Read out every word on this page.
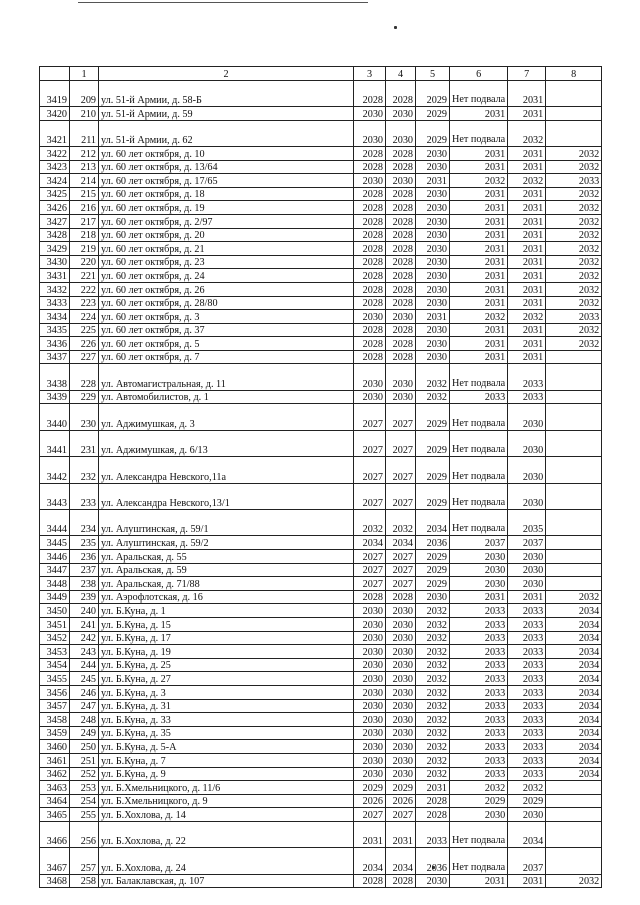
	1	2	3	4	5	6	7	8
3419	209	ул. 51-й Армии, д. 58-Б	2028	2028	2029	Нет подвала	2031	
3420	210	ул. 51-й Армии, д. 59	2030	2030	2029	2031	2031	
3421	211	ул. 51-й Армии, д. 62	2030	2030	2029	Нет подвала	2032	
3422	212	ул. 60 лет октября, д. 10	2028	2028	2030	2031	2031	2032
3423	213	ул. 60 лет октября, д. 13/64	2028	2028	2030	2031	2031	2032
3424	214	ул. 60 лет октября, д. 17/65	2030	2030	2031	2032	2032	2033
3425	215	ул. 60 лет октября, д. 18	2028	2028	2030	2031	2031	2032
3426	216	ул. 60 лет октября, д. 19	2028	2028	2030	2031	2031	2032
3427	217	ул. 60 лет октября, д. 2/97	2028	2028	2030	2031	2031	2032
3428	218	ул. 60 лет октября, д. 20	2028	2028	2030	2031	2031	2032
3429	219	ул. 60 лет октября, д. 21	2028	2028	2030	2031	2031	2032
3430	220	ул. 60 лет октября, д. 23	2028	2028	2030	2031	2031	2032
3431	221	ул. 60 лет октября, д. 24	2028	2028	2030	2031	2031	2032
3432	222	ул. 60 лет октября, д. 26	2028	2028	2030	2031	2031	2032
3433	223	ул. 60 лет октября, д. 28/80	2028	2028	2030	2031	2031	2032
3434	224	ул. 60 лет октября, д. 3	2030	2030	2031	2032	2032	2033
3435	225	ул. 60 лет октября, д. 37	2028	2028	2030	2031	2031	2032
3436	226	ул. 60 лет октября, д. 5	2028	2028	2030	2031	2031	2032
3437	227	ул. 60 лет октября, д. 7	2028	2028	2030	2031	2031	
3438	228	ул. Автомагистральная, д. 11	2030	2030	2032	Нет подвала	2033	
3439	229	ул. Автомобилистов, д. 1	2030	2030	2032	2033	2033	
3440	230	ул. Аджимушкая, д. 3	2027	2027	2029	Нет подвала	2030	
3441	231	ул. Аджимушкая, д. 6/13	2027	2027	2029	Нет подвала	2030	
3442	232	ул. Александра Невского,11а	2027	2027	2029	Нет подвала	2030	
3443	233	ул. Александра Невского,13/1	2027	2027	2029	Нет подвала	2030	
3444	234	ул. Алуштинская, д. 59/1	2032	2032	2034	Нет подвала	2035	
3445	235	ул. Алуштинская, д. 59/2	2034	2034	2036	2037	2037	
3446	236	ул. Аральская, д. 55	2027	2027	2029	2030	2030	
3447	237	ул. Аральская, д. 59	2027	2027	2029	2030	2030	
3448	238	ул. Аральская, д. 71/88	2027	2027	2029	2030	2030	
3449	239	ул. Аэрофлотская, д. 16	2028	2028	2030	2031	2031	2032
3450	240	ул. Б.Куна, д. 1	2030	2030	2032	2033	2033	2034
3451	241	ул. Б.Куна, д. 15	2030	2030	2032	2033	2033	2034
3452	242	ул. Б.Куна, д. 17	2030	2030	2032	2033	2033	2034
3453	243	ул. Б.Куна, д. 19	2030	2030	2032	2033	2033	2034
3454	244	ул. Б.Куна, д. 25	2030	2030	2032	2033	2033	2034
3455	245	ул. Б.Куна, д. 27	2030	2030	2032	2033	2033	2034
3456	246	ул. Б.Куна, д. 3	2030	2030	2032	2033	2033	2034
3457	247	ул. Б.Куна, д. 31	2030	2030	2032	2033	2033	2034
3458	248	ул. Б.Куна, д. 33	2030	2030	2032	2033	2033	2034
3459	249	ул. Б.Куна, д. 35	2030	2030	2032	2033	2033	2034
3460	250	ул. Б.Куна, д. 5-А	2030	2030	2032	2033	2033	2034
3461	251	ул. Б.Куна, д. 7	2030	2030	2032	2033	2033	2034
3462	252	ул. Б.Куна, д. 9	2030	2030	2032	2033	2033	2034
3463	253	ул. Б.Хмельницкого, д. 11/6	2029	2029	2031	2032	2032	
3464	254	ул. Б.Хмельницкого, д. 9	2026	2026	2028	2029	2029	
3465	255	ул. Б.Хохлова, д. 14	2027	2027	2028	2030	2030	
3466	256	ул. Б.Хохлова, д. 22	2031	2031	2033	Нет подвала	2034	
3467	257	ул. Б.Хохлова, д. 24	2034	2034	2036	Нет подвала	2037	
3468	258	ул. Балаклавская, д. 107	2028	2028	2030	2031	2031	2032
